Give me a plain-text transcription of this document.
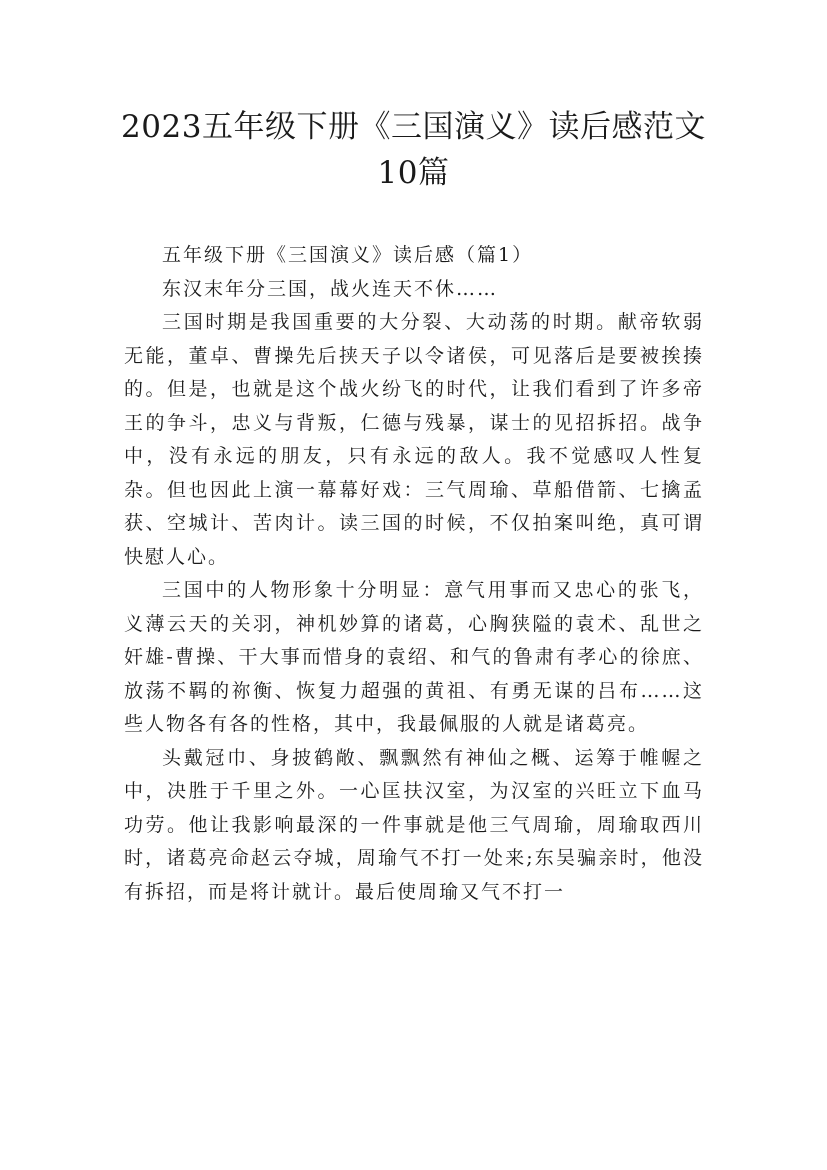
2023五年级下册《三国演义》读后感范文10篇

五年级下册《三国演义》读后感（篇1）

东汉末年分三国，战火连天不休……

三国时期是我国重要的大分裂、大动荡的时期。献帝软弱无能，董卓、曹操先后挟天子以令诸侯，可见落后是要被挨揍的。但是，也就是这个战火纷飞的时代，让我们看到了许多帝王的争斗，忠义与背叛，仁德与残暴，谋士的见招拆招。战争中，没有永远的朋友，只有永远的敌人。我不觉感叹人性复杂。但也因此上演一幕幕好戏：三气周瑜、草船借箭、七擒孟获、空城计、苦肉计。读三国的时候，不仅拍案叫绝，真可谓快慰人心。

三国中的人物形象十分明显：意气用事而又忠心的张飞，义薄云天的关羽，神机妙算的诸葛，心胸狭隘的袁术、乱世之奸雄-曹操、干大事而惜身的袁绍、和气的鲁肃有孝心的徐庶、放荡不羁的祢衡、恢复力超强的黄祖、有勇无谋的吕布……这些人物各有各的性格，其中，我最佩服的人就是诸葛亮。

头戴冠巾、身披鹤敞、飘飘然有神仙之概、运筹于帷幄之中，决胜于千里之外。一心匡扶汉室，为汉室的兴旺立下血马功劳。他让我影响最深的一件事就是他三气周瑜，周瑜取西川时，诸葛亮命赵云夺城，周瑜气不打一处来;东吴骗亲时，他没有拆招，而是将计就计。最后使周瑜又气不打一
